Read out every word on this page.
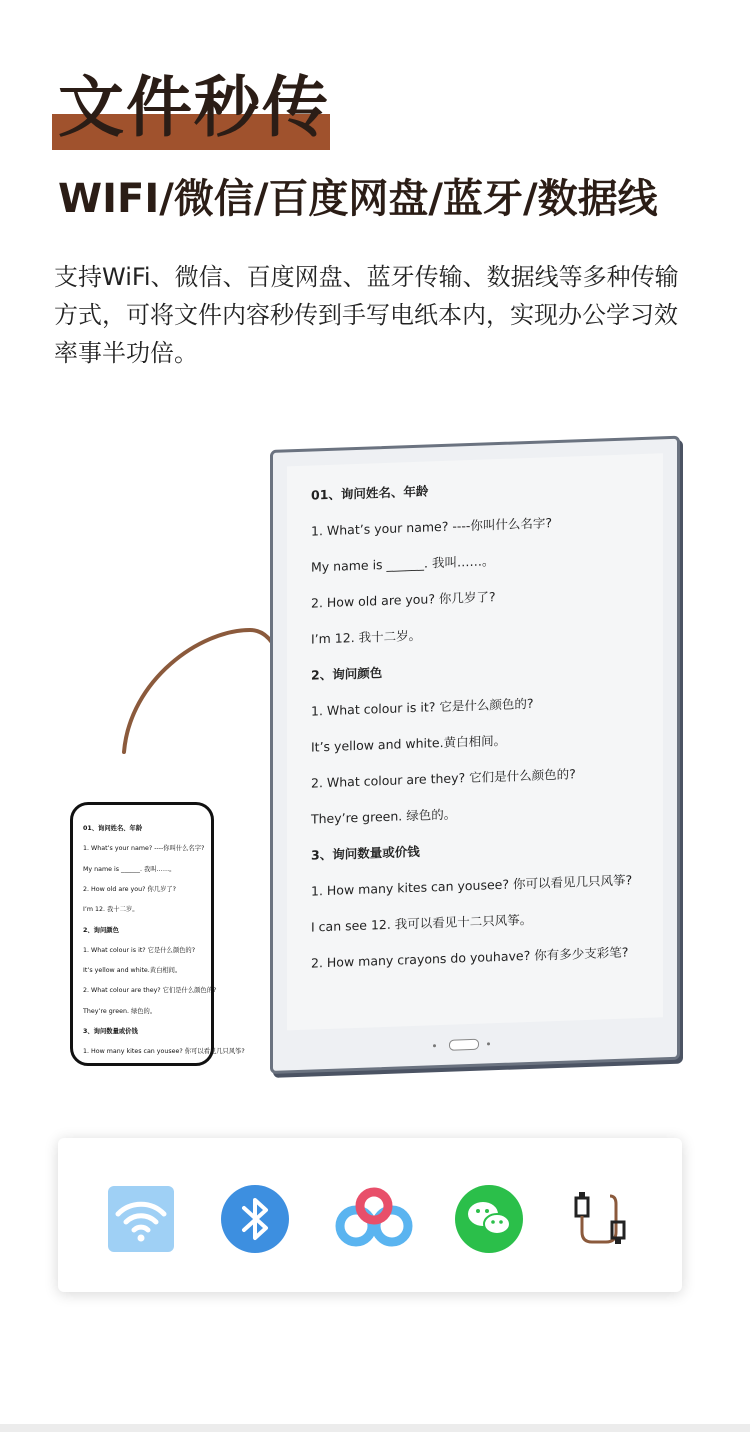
文件秒传
WIFI/微信/百度网盘/蓝牙/数据线

支持WiFi、微信、百度网盘、蓝牙传输、数据线等多种传输方式，可将文件内容秒传到手写电纸本内，实现办公学习效率事半功倍。

01、询问姓名、年龄
1. What’s your name? ----你叫什么名字?
My name is ______. 我叫……。
2. How old are you? 你几岁了?
I’m 12. 我十二岁。
2、询问颜色
1. What colour is it? 它是什么颜色的?
It’s yellow and white.黄白相间。
2. What colour are they? 它们是什么颜色的?
They’re green. 绿色的。
3、询问数量或价钱
1. How many kites can yousee? 你可以看见几只风筝?
I can see 12. 我可以看见十二只风筝。
2. How many crayons do youhave? 你有多少支彩笔?
01、询问姓名、年龄
1. What’s your name? ----你叫什么名字?
My name is ______. 我叫……。
2. How old are you? 你几岁了?
I’m 12. 我十二岁。
2、询问颜色
1. What colour is it? 它是什么颜色的?
It’s yellow and white.黄白相间。
2. What colour are they? 它们是什么颜色的?
They’re green. 绿色的。
3、询问数量或价钱
1. How many kites can yousee? 你可以看见几只风筝?
